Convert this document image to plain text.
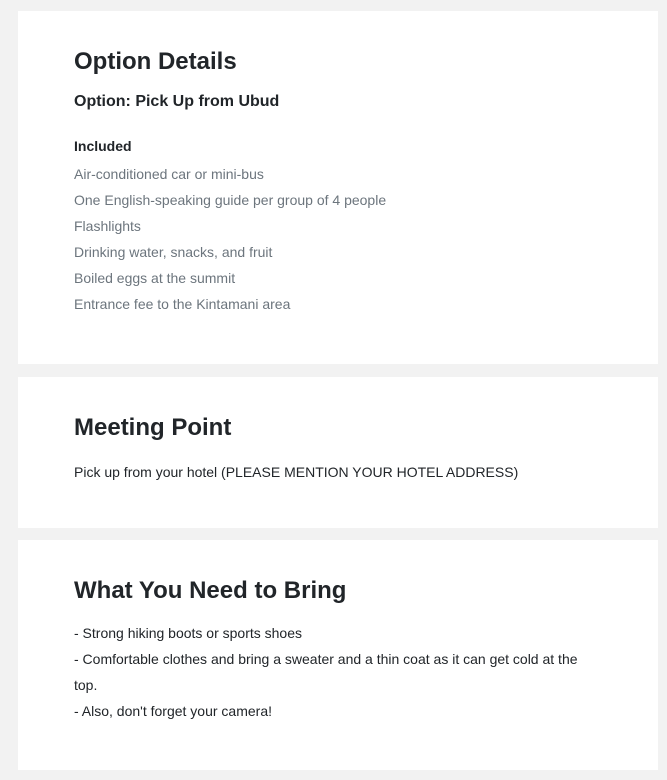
Option Details

Option: Pick Up from Ubud

Included

Air-conditioned car or mini-bus
One English-speaking guide per group of 4 people
Flashlights
Drinking water, snacks, and fruit
Boiled eggs at the summit
Entrance fee to the Kintamani area
Meeting Point

Pick up from your hotel (PLEASE MENTION YOUR HOTEL ADDRESS)

What You Need to Bring
- Strong hiking boots or sports shoes
- Comfortable clothes and bring a sweater and a thin coat as it can get cold at the top.
- Also, don't forget your camera!
